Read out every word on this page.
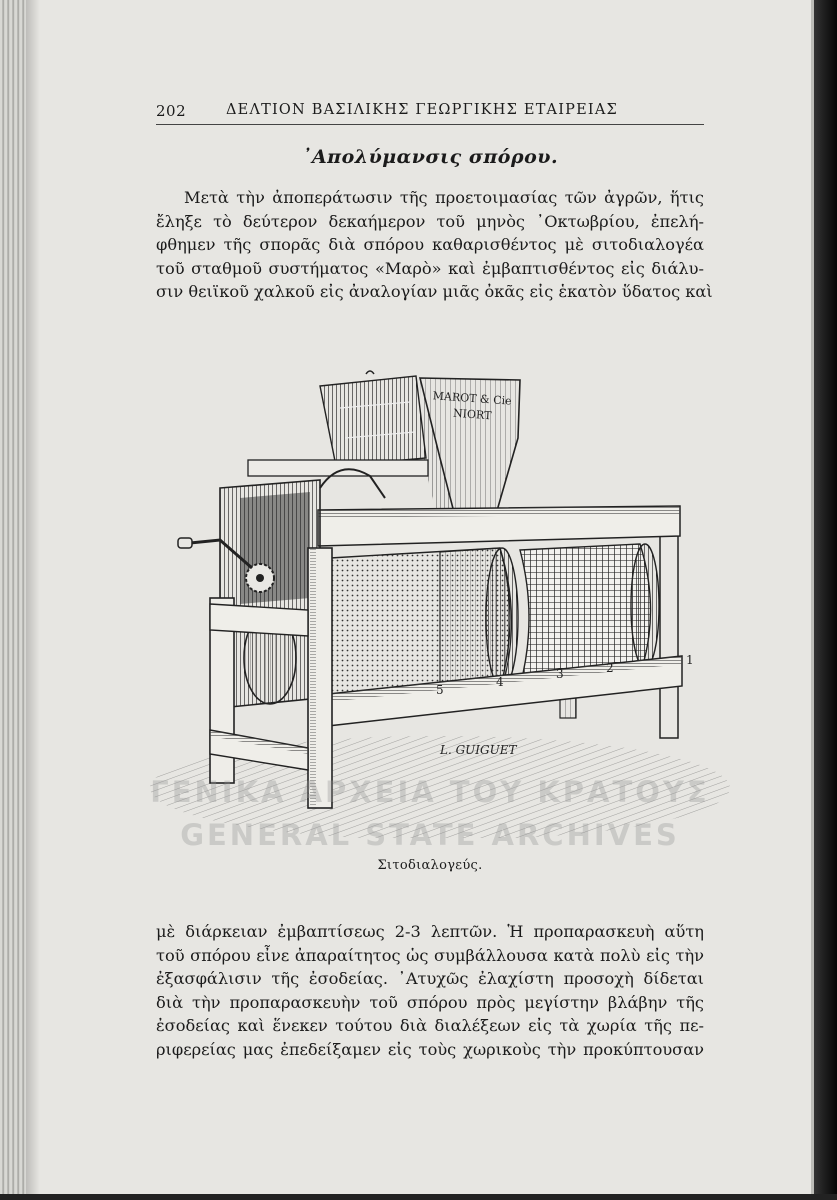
202	ΔΕΛΤΙΟΝ ΒΑΣΙΛΙΚΗΣ ΓΕΩΡΓΙΚΗΣ ΕΤΑΙΡΕΙΑΣ
᾿Απολύμανσις σπόρου.

Μετὰ τὴν ἀποπεράτωσιν τῆς προετοιμασίας τῶν ἀγρῶν, ἥτις
ἔληξε τὸ δεύτερον δεκαήμερον τοῦ μηνὸς ᾿Οκτωβρίου, ἐπελή-
φθημεν τῆς σπορᾶς διὰ σπόρου καθαρισθέντος μὲ σιτοδιαλογέα
τοῦ σταθμοῦ συστήματος «Μαρὸ» καὶ ἐμβαπτισθέντος εἰς διάλυ-
σιν θειϊκοῦ χαλκοῦ εἰς ἀναλογίαν μιᾶς ὀκᾶς εἰς ἑκατὸν ὕδατος καὶ

MAROT & Cie
NIORT
5
4
3	2
1
L. GUIGUET
ΓΕΝΙΚΑ ΑΡΧΕΙΑ ΤΟΥ ΚΡΑΤΟΥΣ
GENERAL STATE ARCHIVES
Σιτοδιαλογεύς.

μὲ διάρκειαν ἐμβαπτίσεως 2-3 λεπτῶν. Ἡ προπαρασκευὴ αὕτη
τοῦ σπόρου εἶνε ἀπαραίτητος ὡς συμβάλλουσα κατὰ πολὺ εἰς τὴν
ἐξασφάλισιν τῆς ἐσοδείας. ᾿Ατυχῶς ἐλαχίστη προσοχὴ δίδεται
διὰ τὴν προπαρασκευὴν τοῦ σπόρου πρὸς μεγίστην βλάβην τῆς
ἐσοδείας καὶ ἕνεκεν τούτου διὰ διαλέξεων εἰς τὰ χωρία τῆς πε-
ριφερείας μας ἐπεδείξαμεν εἰς τοὺς χωρικοὺς τὴν προκύπτουσαν
